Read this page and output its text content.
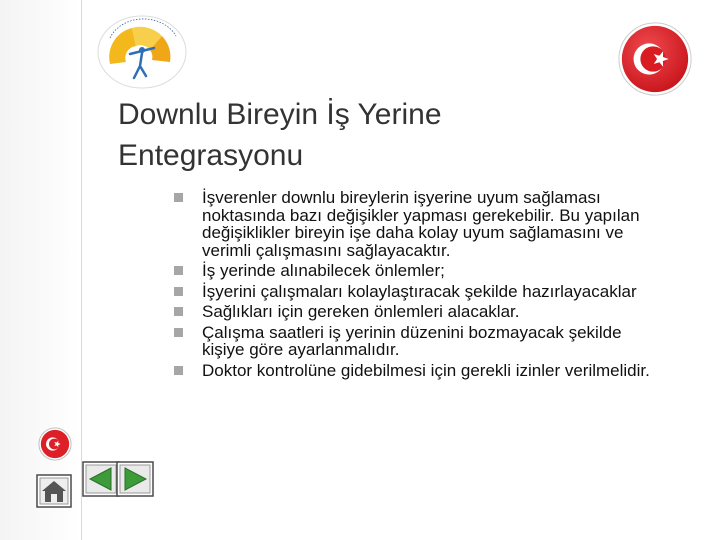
Downlu Bireyin İş Yerine
Entegrasyonu
İşverenler downlu bireylerin işyerine uyum sağlaması noktasında bazı değişikler yapması gerekebilir. Bu yapılan değişiklikler bireyin işe daha kolay uyum sağlamasını ve verimli çalışmasını sağlayacaktır.
İş yerinde alınabilecek önlemler;
İşyerini çalışmaları kolaylaştıracak şekilde hazırlayacaklar
Sağlıkları için gereken önlemleri alacaklar.
Çalışma saatleri iş yerinin düzenini bozmayacak şekilde kişiye göre ayarlanmalıdır.
Doktor kontrolüne gidebilmesi için gerekli izinler verilmelidir.
